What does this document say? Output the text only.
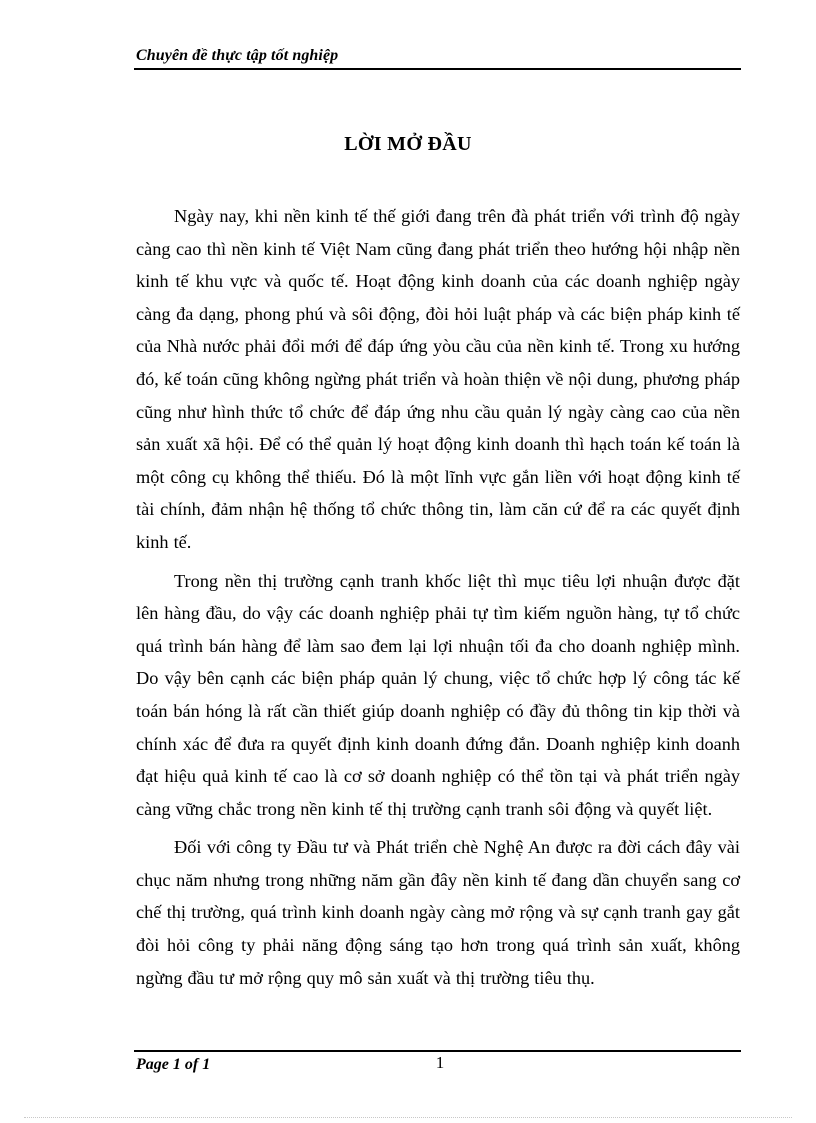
Chuyên đề thực tập tốt nghiệp
LỜI MỞ ĐẦU

Ngày nay, khi nền kinh tế thế giới đang trên đà phát triển với trình độ ngày càng cao thì nền kinh tế Việt Nam cũng đang phát triển theo hướng hội nhập nền kinh tế khu vực và quốc tế. Hoạt động kinh doanh của các doanh nghiệp ngày càng đa dạng, phong phú và sôi động, đòi hỏi luật pháp và các biện pháp kinh tế của Nhà nước phải đổi mới để đáp ứng yòu cầu của nền kinh tế. Trong xu hướng đó, kế toán cũng không ngừng phát triển và hoàn thiện về nội dung, phương pháp cũng như hình thức tổ chức để đáp ứng nhu cầu quản lý ngày càng cao của nền sản xuất xã hội. Để có thể quản lý hoạt động kinh doanh thì hạch toán kế toán là một công cụ không thể thiếu. Đó là một lĩnh vực gắn liền với hoạt động kinh tế tài chính, đảm nhận hệ thống tổ chức thông tin, làm căn cứ để ra các quyết định kinh tế.

Trong nền thị trường cạnh tranh khốc liệt thì mục tiêu lợi nhuận được đặt lên hàng đầu, do vậy các doanh nghiệp phải tự tìm kiếm nguồn hàng, tự tổ chức quá trình bán hàng để làm sao đem lại lợi nhuận tối đa cho doanh nghiệp mình. Do vậy bên cạnh các biện pháp quản lý chung, việc tổ chức hợp lý công tác kế toán bán hóng là rất cần thiết giúp doanh nghiệp có đầy đủ thông tin kịp thời và chính xác để đưa ra quyết định kinh doanh đứng đắn. Doanh nghiệp kinh doanh đạt hiệu quả kinh tế cao là cơ sở doanh nghiệp có thể tồn tại và phát triển ngày càng vững chắc trong nền kinh tế thị trường cạnh tranh sôi động và quyết liệt.

Đối với công ty Đầu tư và Phát triển chè Nghệ An được ra đời cách đây vài chục năm nhưng trong những năm gần đây nền kinh tế đang dần chuyển sang cơ chế thị trường, quá trình kinh doanh ngày càng mở rộng và sự cạnh tranh gay gắt đòi hỏi công ty phải năng động sáng tạo hơn trong quá trình sản xuất, không ngừng đầu tư mở rộng quy mô sản xuất và thị trường tiêu thụ.

Page 1 of 1	1
